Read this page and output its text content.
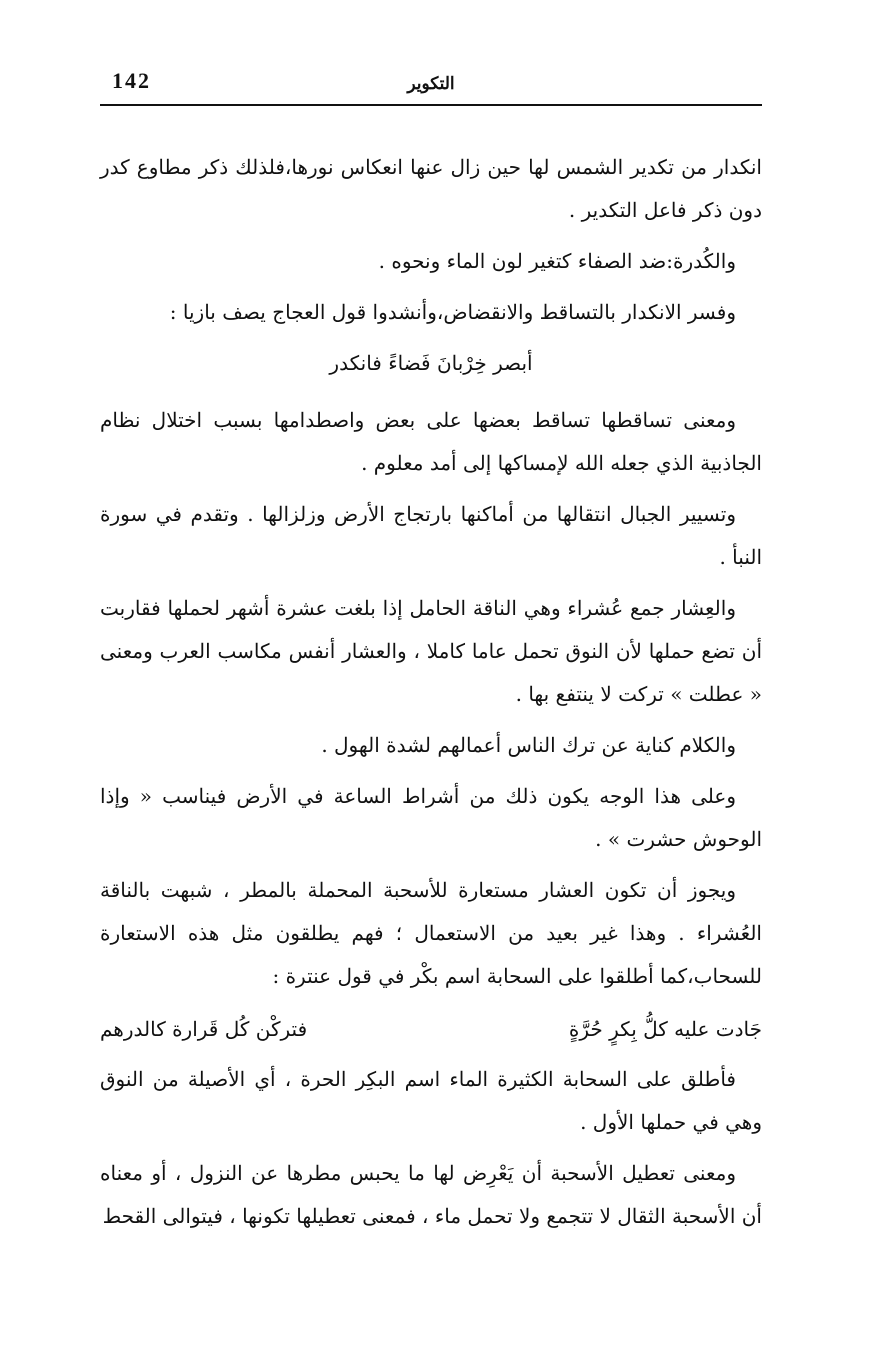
142	التكوير

انكدار من تكدير الشمس لها حين زال عنها انعكاس نورها،فلذلك ذكر مطاوع كدر دون ذكر فاعل التكدير .

والكُدرة:ضد الصفاء كتغير لون الماء ونحوه .

وفسر الانكدار بالتساقط والانقضاض،وأنشدوا قول العجاج يصف بازيا :

أبصر خِرْبانَ فَضاءً فانكدر

ومعنى تساقطها تساقط بعضها على بعض واصطدامها بسبب اختلال نظام الجاذبية الذي جعله الله لإمساكها إلى أمد معلوم .

وتسيير الجبال انتقالها من أماكنها بارتجاج الأرض وزلزالها . وتقدم في سورة النبأ .

والعِشار جمع عُشراء وهي الناقة الحامل إذا بلغت عشرة أشهر لحملها فقاربت أن تضع حملها لأن النوق تحمل عاما كاملا ، والعشار أنفس مكاسب العرب ومعنى « عطلت » تركت لا ينتفع بها .

والكلام كناية عن ترك الناس أعمالهم لشدة الهول .

وعلى هذا الوجه يكون ذلك من أشراط الساعة في الأرض فيناسب « وإذا الوحوش حشرت » .

ويجوز أن تكون العشار مستعارة للأسحبة المحملة بالمطر ، شبهت بالناقة العُشراء . وهذا غير بعيد من الاستعمال ؛ فهم يطلقون مثل هذه الاستعارة للسحاب،كما أطلقوا على السحابة اسم بكْر في قول عنترة :

جَادت عليه كلُّ بِكرٍ حُرَّةٍ
فتركْن كُل قَرارة كالدرهم

فأطلق على السحابة الكثيرة الماء اسم البكِر الحرة ، أي الأصيلة من النوق وهي في حملها الأول .

ومعنى تعطيل الأسحبة أن يَعْرِض لها ما يحبس مطرها عن النزول ، أو معناه أن الأسحبة الثقال لا تتجمع ولا تحمل ماء ، فمعنى تعطيلها تكونها ، فيتوالى القحط
